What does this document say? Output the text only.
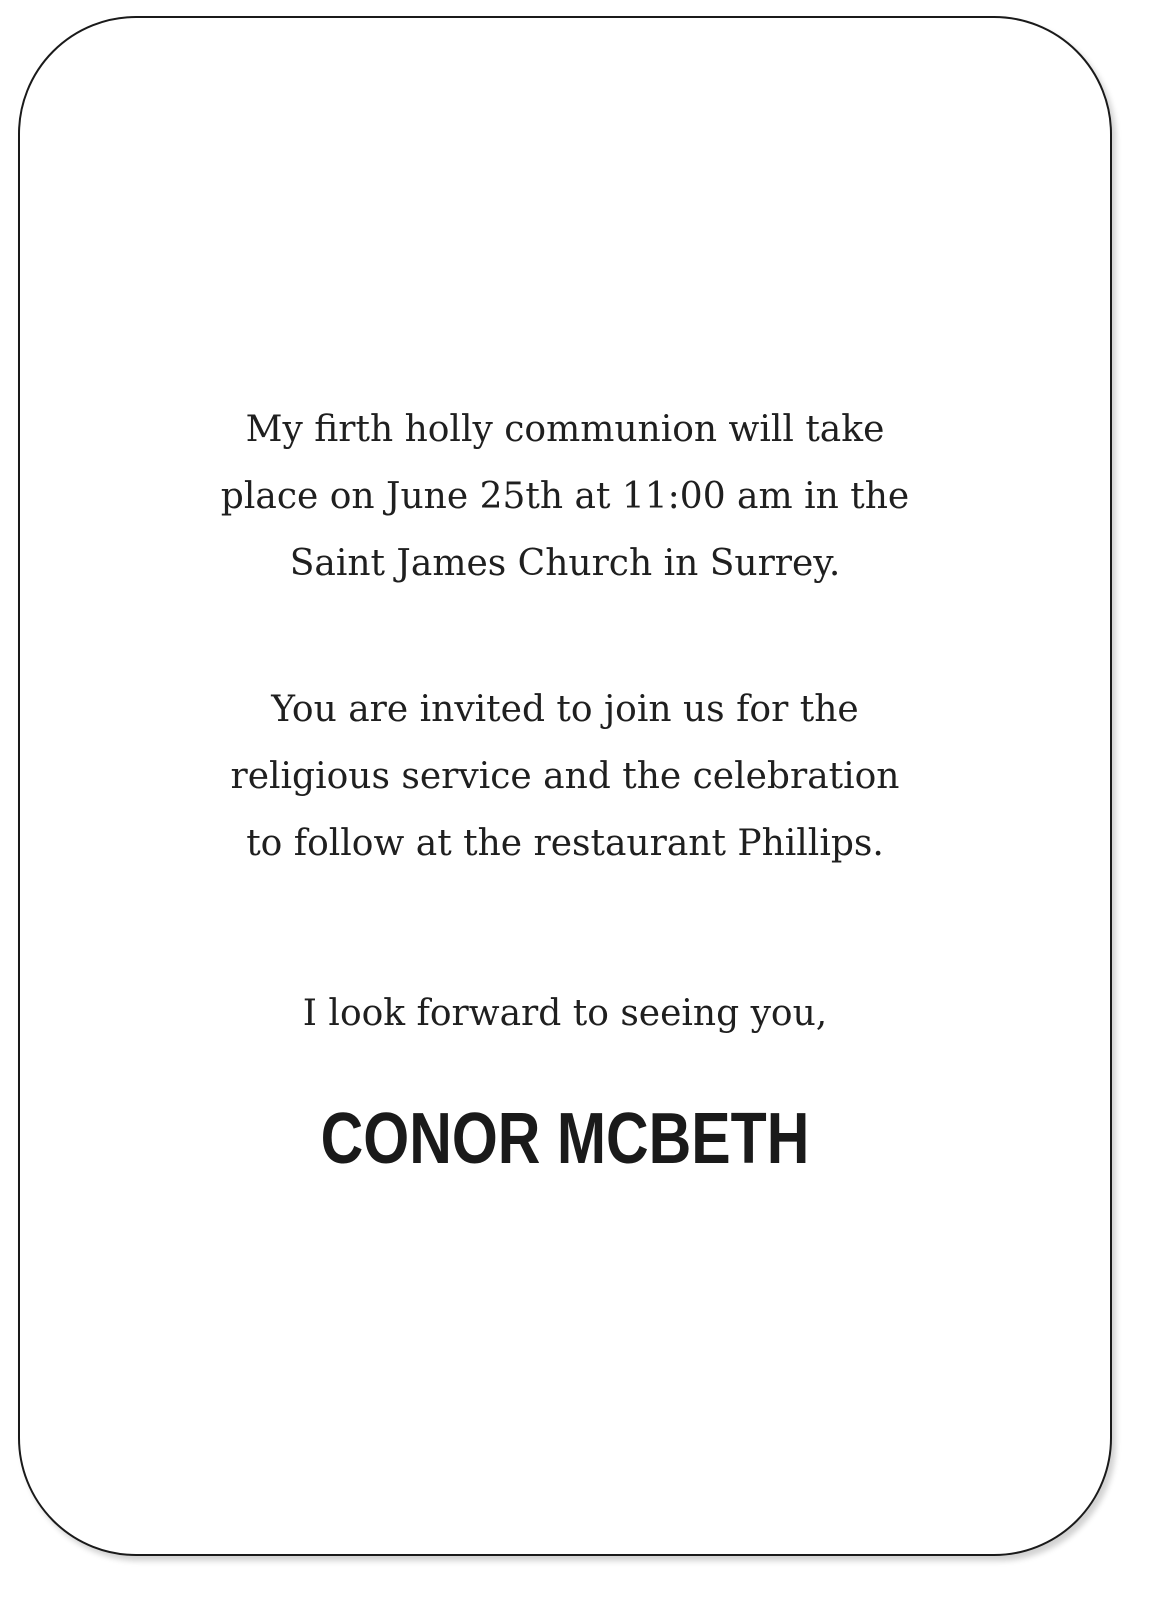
My firth holly communion will take

place on June 25th at 11:00 am in the

Saint James Church in Surrey.

You are invited to join us for the

religious service and the celebration

to follow at the restaurant Phillips.

I look forward to seeing you,

CONOR MCBETH
